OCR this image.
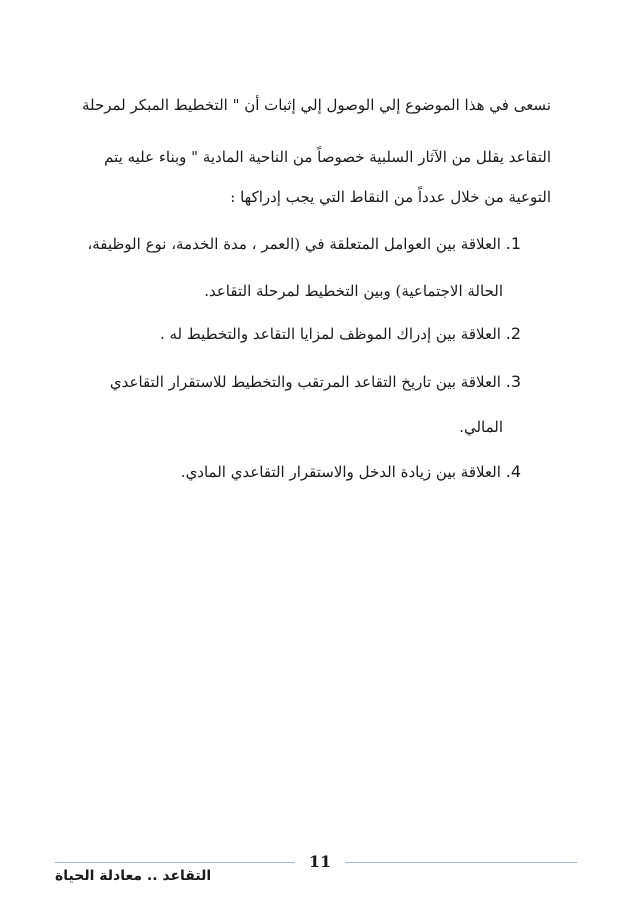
نسعى في هذا الموضوع إلي الوصول إلي إثبات أن " التخطيط المبكر لمرحلة
التقاعد يقلل من الآثار السلبية خصوصاً من الناحية المادية " وبناء عليه يتم
التوعية من خلال عدداً من النقاط التي يجب إدراكها :
1. العلاقة بين العوامل المتعلقة في (العمر ، مدة الخدمة، نوع الوظيفة،
الحالة الاجتماعية) وبين التخطيط لمرحلة التقاعد.
2. العلاقة بين إدراك الموظف لمزايا التقاعد والتخطيط له .
3. العلاقة بين تاريخ التقاعد المرتقب والتخطيط للاستقرار التقاعدي
المالي.
4. العلاقة بين زيادة الدخل والاستقرار التقاعدي المادي.
11
التقاعد .. معادلة الحياة
